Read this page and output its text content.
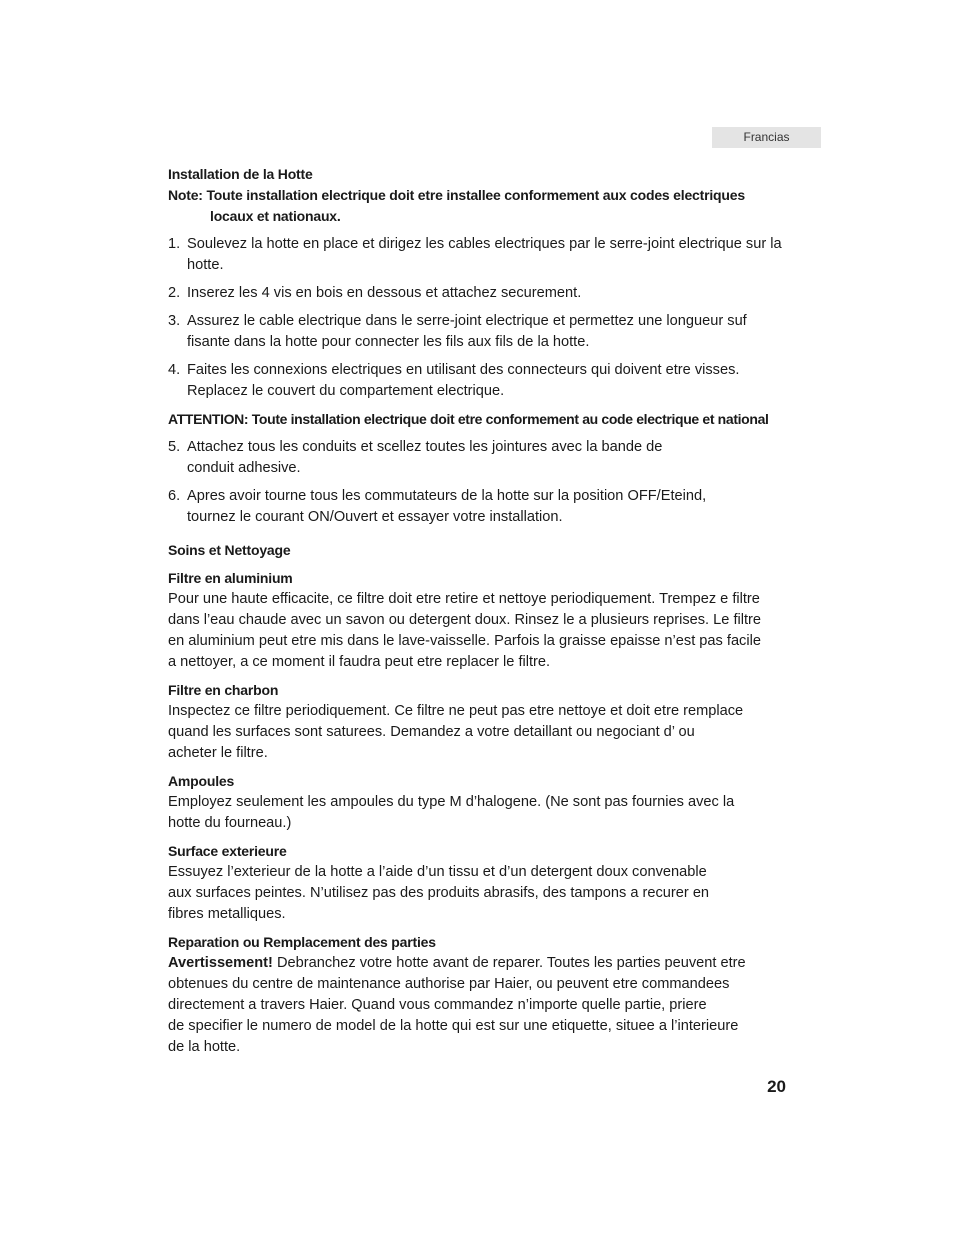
Francias
Installation de la Hotte
Note: Toute installation electrique doit etre installee conformement aux codes electriques
locaux et nationaux.
1. Soulevez la hotte en place et dirigez les cables electriques par le serre-joint electrique sur la hotte.
2. Inserez les 4 vis en bois en dessous et attachez securement.
3. Assurez le cable electrique dans le serre-joint electrique et permettez une longueur suf fisante dans la hotte pour connecter les fils aux fils de la hotte.
4. Faites les connexions electriques en utilisant des connecteurs qui doivent etre visses. Replacez le couvert du compartement electrique.
ATTENTION: Toute installation electrique doit etre conformement au code electrique et national
5. Attachez tous les conduits et scellez toutes les jointures avec la bande de
conduit adhesive.
6. Apres avoir tourne tous les commutateurs de la hotte sur la position OFF/Eteind,
tournez le courant ON/Ouvert et essayer votre installation.
Soins et Nettoyage
Filtre en aluminium
Pour une haute efficacite, ce filtre doit etre retire et nettoye periodiquement. Trempez e filtre
dans l’eau chaude avec un savon ou detergent doux. Rinsez le a plusieurs reprises. Le filtre
en aluminium peut etre mis dans le lave-vaisselle. Parfois la graisse epaisse n’est pas facile
a nettoyer, a ce moment il faudra peut etre replacer le filtre.
Filtre en charbon
Inspectez ce filtre periodiquement. Ce filtre ne peut pas etre nettoye et doit etre remplace
quand les surfaces sont saturees. Demandez a votre detaillant ou negociant d’ ou
acheter le filtre.
Ampoules
Employez seulement les ampoules du type M d’halogene. (Ne sont pas fournies avec la
hotte du fourneau.)
Surface exterieure
Essuyez l’exterieur de la hotte a l’aide d’un tissu et d’un detergent doux convenable
aux surfaces peintes. N’utilisez pas des produits abrasifs, des tampons a recurer en
fibres metalliques.
Reparation ou Remplacement des parties
Avertissement! Debranchez votre hotte avant de reparer. Toutes les parties peuvent etre
obtenues du centre de maintenance authorise par Haier, ou peuvent etre commandees
directement a travers Haier. Quand vous commandez n’importe quelle partie, priere
de specifier le numero de model de la hotte qui est sur une etiquette, situee a l’interieure
de la hotte.
20
